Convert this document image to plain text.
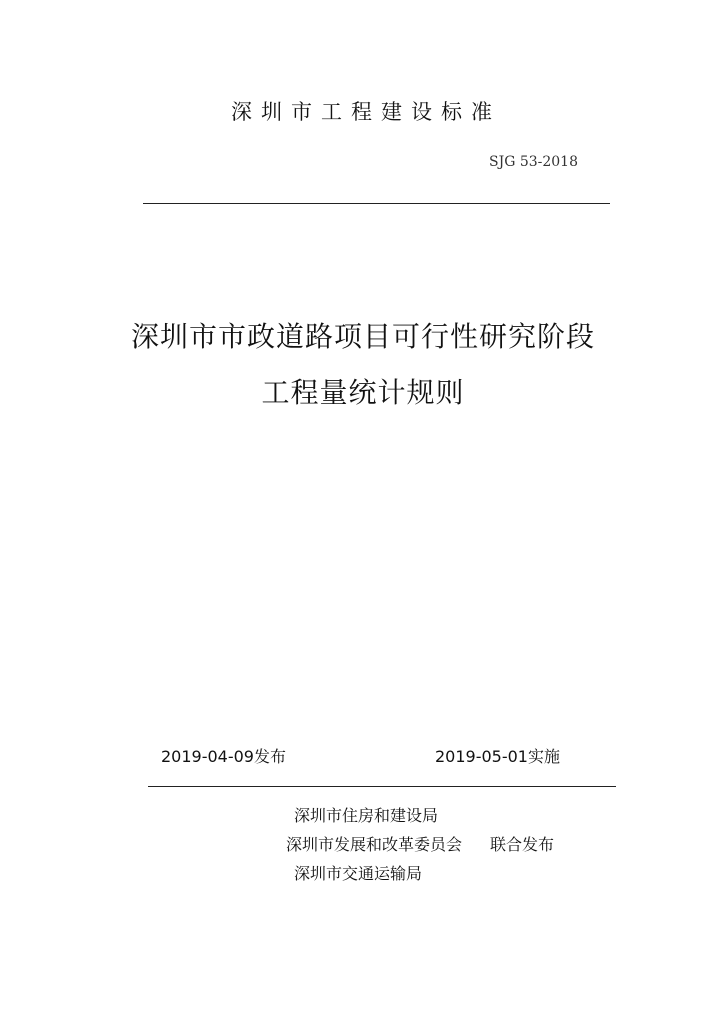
深圳市工程建设标准
SJG 53-2018
深圳市市政道路项目可行性研究阶段
工程量统计规则
2019-04-09发布	2019-05-01实施
深圳市住房和建设局
深圳市发展和改革委员会
深圳市交通运输局
联合发布
